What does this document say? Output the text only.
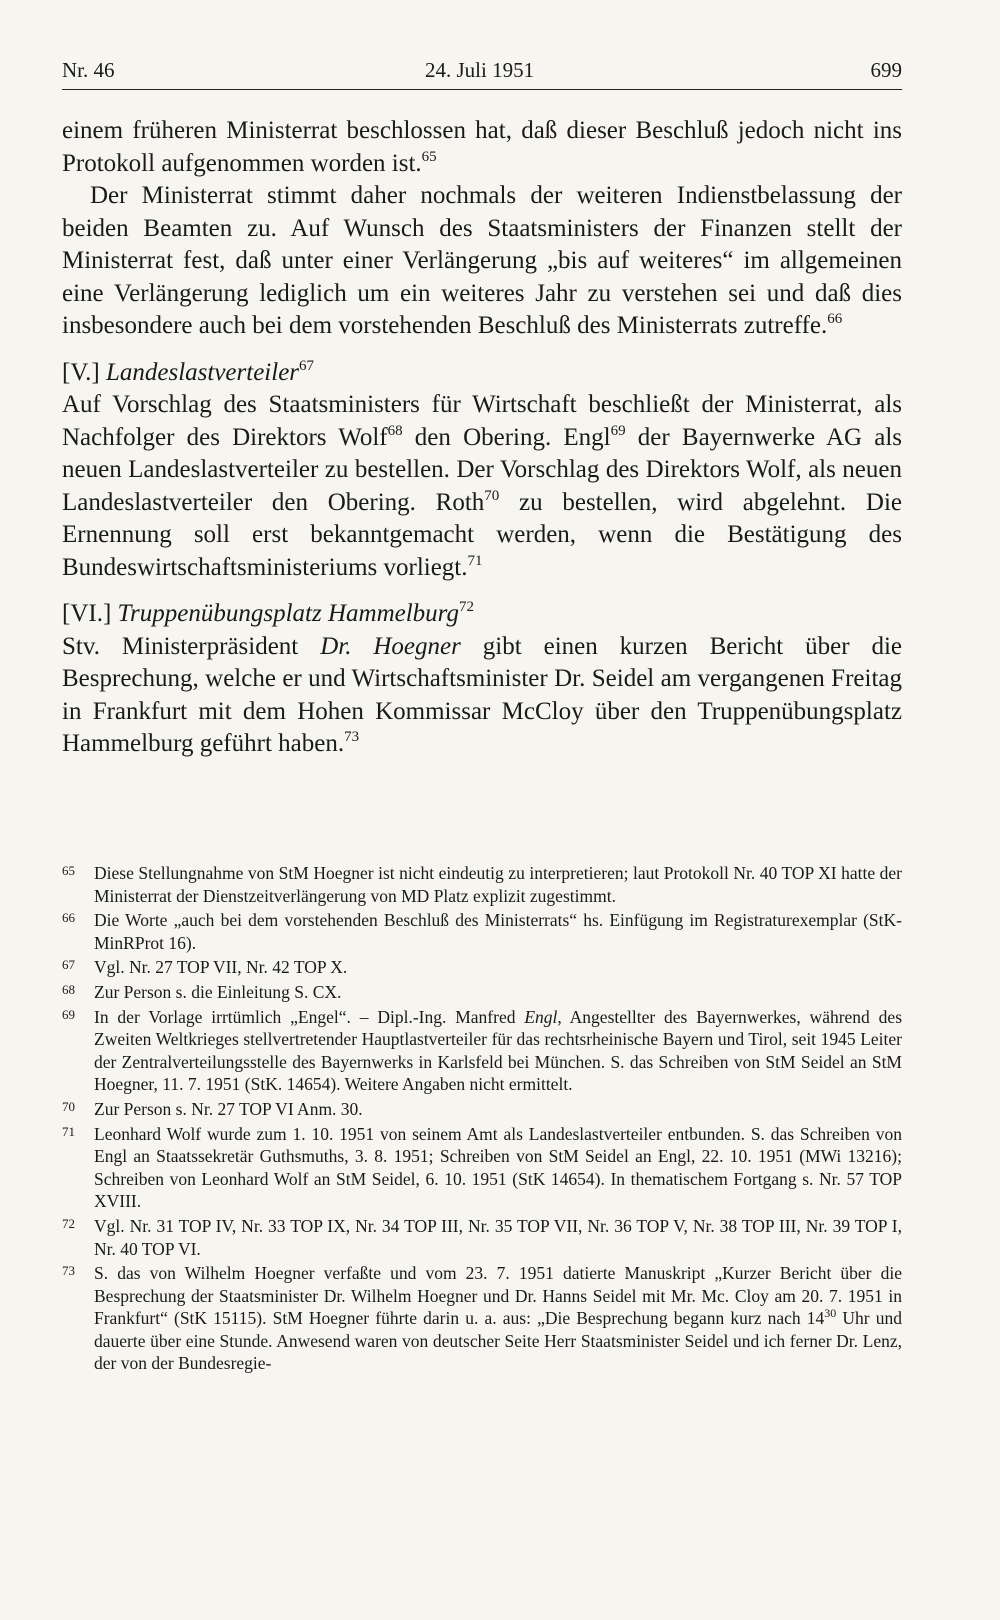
Nr. 46	24. Juli 1951	699

einem früheren Ministerrat beschlossen hat, daß dieser Beschluß jedoch nicht ins Protokoll aufgenommen worden ist.$^{65}$

Der Ministerrat stimmt daher nochmals der weiteren Indienstbelassung der beiden Beamten zu. Auf Wunsch des Staatsministers der Finanzen stellt der Ministerrat fest, daß unter einer Verlängerung „bis auf weiteres“ im allgemeinen eine Verlängerung lediglich um ein weiteres Jahr zu verstehen sei und daß dies insbesondere auch bei dem vorstehenden Beschluß des Ministerrats zutreffe.$^{66}$

[V.] Landeslastverteiler$^{67}$

Auf Vorschlag des Staatsministers für Wirtschaft beschließt der Ministerrat, als Nachfolger des Direktors Wolf$^{68}$ den Obering. Engl$^{69}$ der Bayernwerke AG als neuen Landeslastverteiler zu bestellen. Der Vorschlag des Direktors Wolf, als neuen Landeslastverteiler den Obering. Roth$^{70}$ zu bestellen, wird abgelehnt. Die Ernennung soll erst bekanntgemacht werden, wenn die Bestätigung des Bundeswirtschaftsministeriums vorliegt.$^{71}$

[VI.] Truppenübungsplatz Hammelburg$^{72}$

Stv. Ministerpräsident Dr. Hoegner gibt einen kurzen Bericht über die Besprechung, welche er und Wirtschaftsminister Dr. Seidel am vergangenen Freitag in Frankfurt mit dem Hohen Kommissar McCloy über den Truppenübungsplatz Hammelburg geführt haben.$^{73}$

65 Diese Stellungnahme von StM Hoegner ist nicht eindeutig zu interpretieren; laut Protokoll Nr. 40 TOP XI hatte der Ministerrat der Dienstzeitverlängerung von MD Platz explizit zugestimmt.
66 Die Worte „auch bei dem vorstehenden Beschluß des Ministerrats“ hs. Einfügung im Registraturexemplar (StK-MinRProt 16).
67 Vgl. Nr. 27 TOP VII, Nr. 42 TOP X.
68 Zur Person s. die Einleitung S. CX.
69 In der Vorlage irrtümlich „Engel“. – Dipl.-Ing. Manfred Engl, Angestellter des Bayernwerkes, während des Zweiten Weltkrieges stellvertretender Hauptlastverteiler für das rechtsrheinische Bayern und Tirol, seit 1945 Leiter der Zentralverteilungsstelle des Bayernwerks in Karlsfeld bei München. S. das Schreiben von StM Seidel an StM Hoegner, 11. 7. 1951 (StK. 14654). Weitere Angaben nicht ermittelt.
70 Zur Person s. Nr. 27 TOP VI Anm. 30.
71 Leonhard Wolf wurde zum 1. 10. 1951 von seinem Amt als Landeslastverteiler entbunden. S. das Schreiben von Engl an Staatssekretär Guthsmuths, 3. 8. 1951; Schreiben von StM Seidel an Engl, 22. 10. 1951 (MWi 13216); Schreiben von Leonhard Wolf an StM Seidel, 6. 10. 1951 (StK 14654). In thematischem Fortgang s. Nr. 57 TOP XVIII.
72 Vgl. Nr. 31 TOP IV, Nr. 33 TOP IX, Nr. 34 TOP III, Nr. 35 TOP VII, Nr. 36 TOP V, Nr. 38 TOP III, Nr. 39 TOP I, Nr. 40 TOP VI.
73 S. das von Wilhelm Hoegner verfaßte und vom 23. 7. 1951 datierte Manuskript „Kurzer Bericht über die Besprechung der Staatsminister Dr. Wilhelm Hoegner und Dr. Hanns Seidel mit Mr. Mc. Cloy am 20. 7. 1951 in Frankfurt“ (StK 15115). StM Hoegner führte darin u. a. aus: „Die Besprechung begann kurz nach $14^{30}$ Uhr und dauerte über eine Stunde. Anwesend waren von deutscher Seite Herr Staatsminister Seidel und ich ferner Dr. Lenz, der von der Bundesregie-
